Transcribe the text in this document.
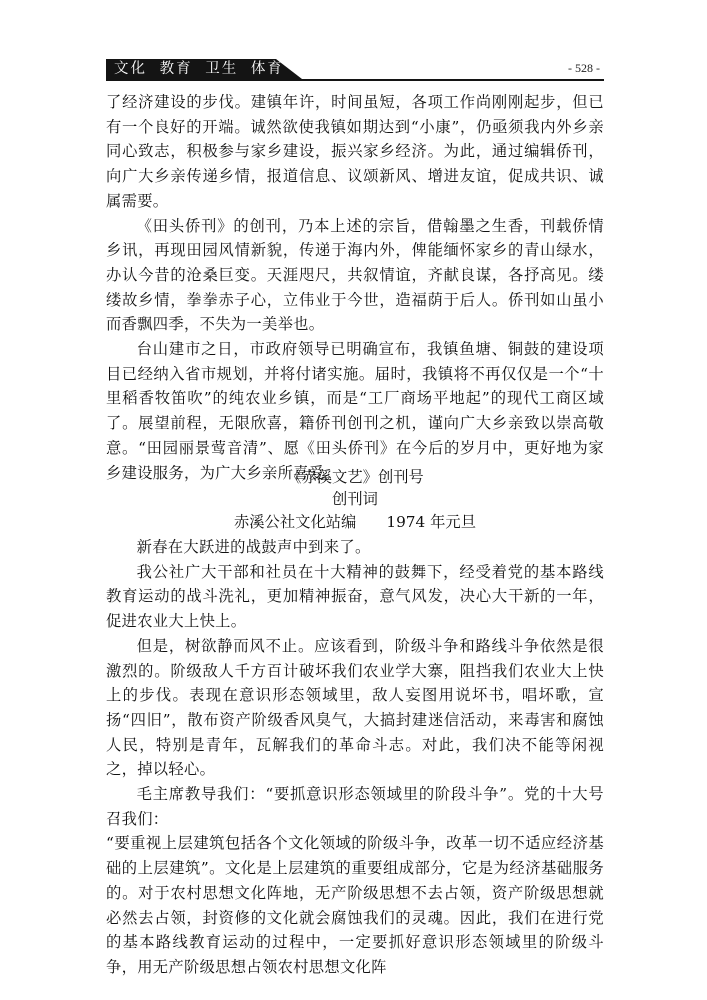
文化 教育 卫生 体育	- 528 -

了经济建设的步伐。建镇年许，时间虽短，各项工作尚刚刚起步，但已有一个良好的开端。诚然欲使我镇如期达到“小康”，仍亟须我内外乡亲同心致志，积极参与家乡建设，振兴家乡经济。为此，通过编辑侨刊，向广大乡亲传递乡情，报道信息、议颂新风、增进友谊，促成共识、诚属需要。

《田头侨刊》的创刊，乃本上述的宗旨，借翰墨之生香，刊载侨情乡讯，再现田园风情新貌，传递于海内外，俾能缅怀家乡的青山绿水，办认今昔的沧桑巨变。天涯咫尺，共叙情谊，齐献良谋，各抒高见。缕缕故乡情，拳拳赤子心，立伟业于今世，造福荫于后人。侨刊如山虽小而香飘四季，不失为一美举也。

台山建市之日，市政府领导已明确宣布，我镇鱼塘、铜鼓的建设项目已经纳入省市规划，并将付诸实施。届时，我镇将不再仅仅是一个“十里稻香牧笛吹”的纯农业乡镇，而是“工厂商场平地起”的现代工商区域了。展望前程，无限欣喜，籍侨刊创刊之机，谨向广大乡亲致以崇高敬意。“田园丽景莺音清”、愿《田头侨刊》在今后的岁月中，更好地为家乡建设服务，为广大乡亲所喜爱。

《赤溪文艺》创刊号
创刊词
赤溪公社文化站编 1974 年元旦

新春在大跃进的战鼓声中到来了。

我公社广大干部和社员在十大精神的鼓舞下，经受着党的基本路线教育运动的战斗洗礼，更加精神振奋，意气风发，决心大干新的一年，促进农业大上快上。

但是，树欲静而风不止。应该看到，阶级斗争和路线斗争依然是很激烈的。阶级敌人千方百计破坏我们农业学大寨，阻挡我们农业大上快上的步伐。表现在意识形态领域里，敌人妄图用说坏书，唱坏歌，宣扬“四旧”，散布资产阶级香风臭气，大搞封建迷信活动，来毒害和腐蚀人民，特别是青年，瓦解我们的革命斗志。对此，我们决不能等闲视之，掉以轻心。

毛主席教导我们：“要抓意识形态领域里的阶段斗争”。党的十大号召我们：

“要重视上层建筑包括各个文化领域的阶级斗争，改革一切不适应经济基础的上层建筑”。文化是上层建筑的重要组成部分，它是为经济基础服务的。对于农村思想文化阵地，无产阶级思想不去占领，资产阶级思想就必然去占领，封资修的文化就会腐蚀我们的灵魂。因此，我们在进行党的基本路线教育运动的过程中，一定要抓好意识形态领域里的阶级斗争，用无产阶级思想占领农村思想文化阵
